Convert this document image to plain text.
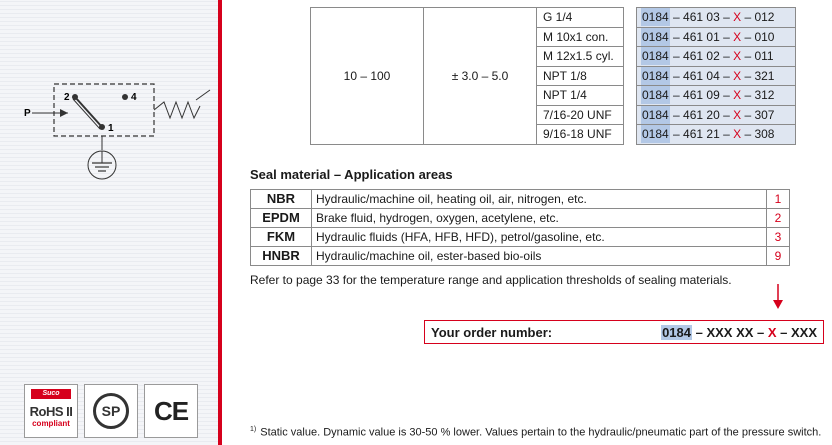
P
2
1
4
Suco
RoHS II
compliant
SP	CE
10 – 100	± 3.0 – 5.0	G 1/4		0184 – 461 03 – X – 012
		M 10x1 con.		0184 – 461 01 – X – 010
		M 12x1.5 cyl.		0184 – 461 02 – X – 011
		NPT 1/8		0184 – 461 04 – X – 321
		NPT 1/4		0184 – 461 09 – X – 312
		7/16-20 UNF		0184 – 461 20 – X – 307
		9/16-18 UNF		0184 – 461 21 – X – 308
Seal material – Application areas
NBR	Hydraulic/machine oil, heating oil, air, nitrogen, etc.	1
EPDM	Brake fluid, hydrogen, oxygen, acetylene, etc.	2
FKM	Hydraulic fluids (HFA, HFB, HFD), petrol/gasoline, etc.	3
HNBR	Hydraulic/machine oil, ester-based bio-oils	9
Refer to page 33 for the temperature range and application thresholds of sealing materials.
Your order number:	0184 – XXX XX – X – XXX
$^{1)}$ Static value. Dynamic value is 30-50 % lower. Values pertain to the hydraulic/pneumatic part of the pressure switch.
